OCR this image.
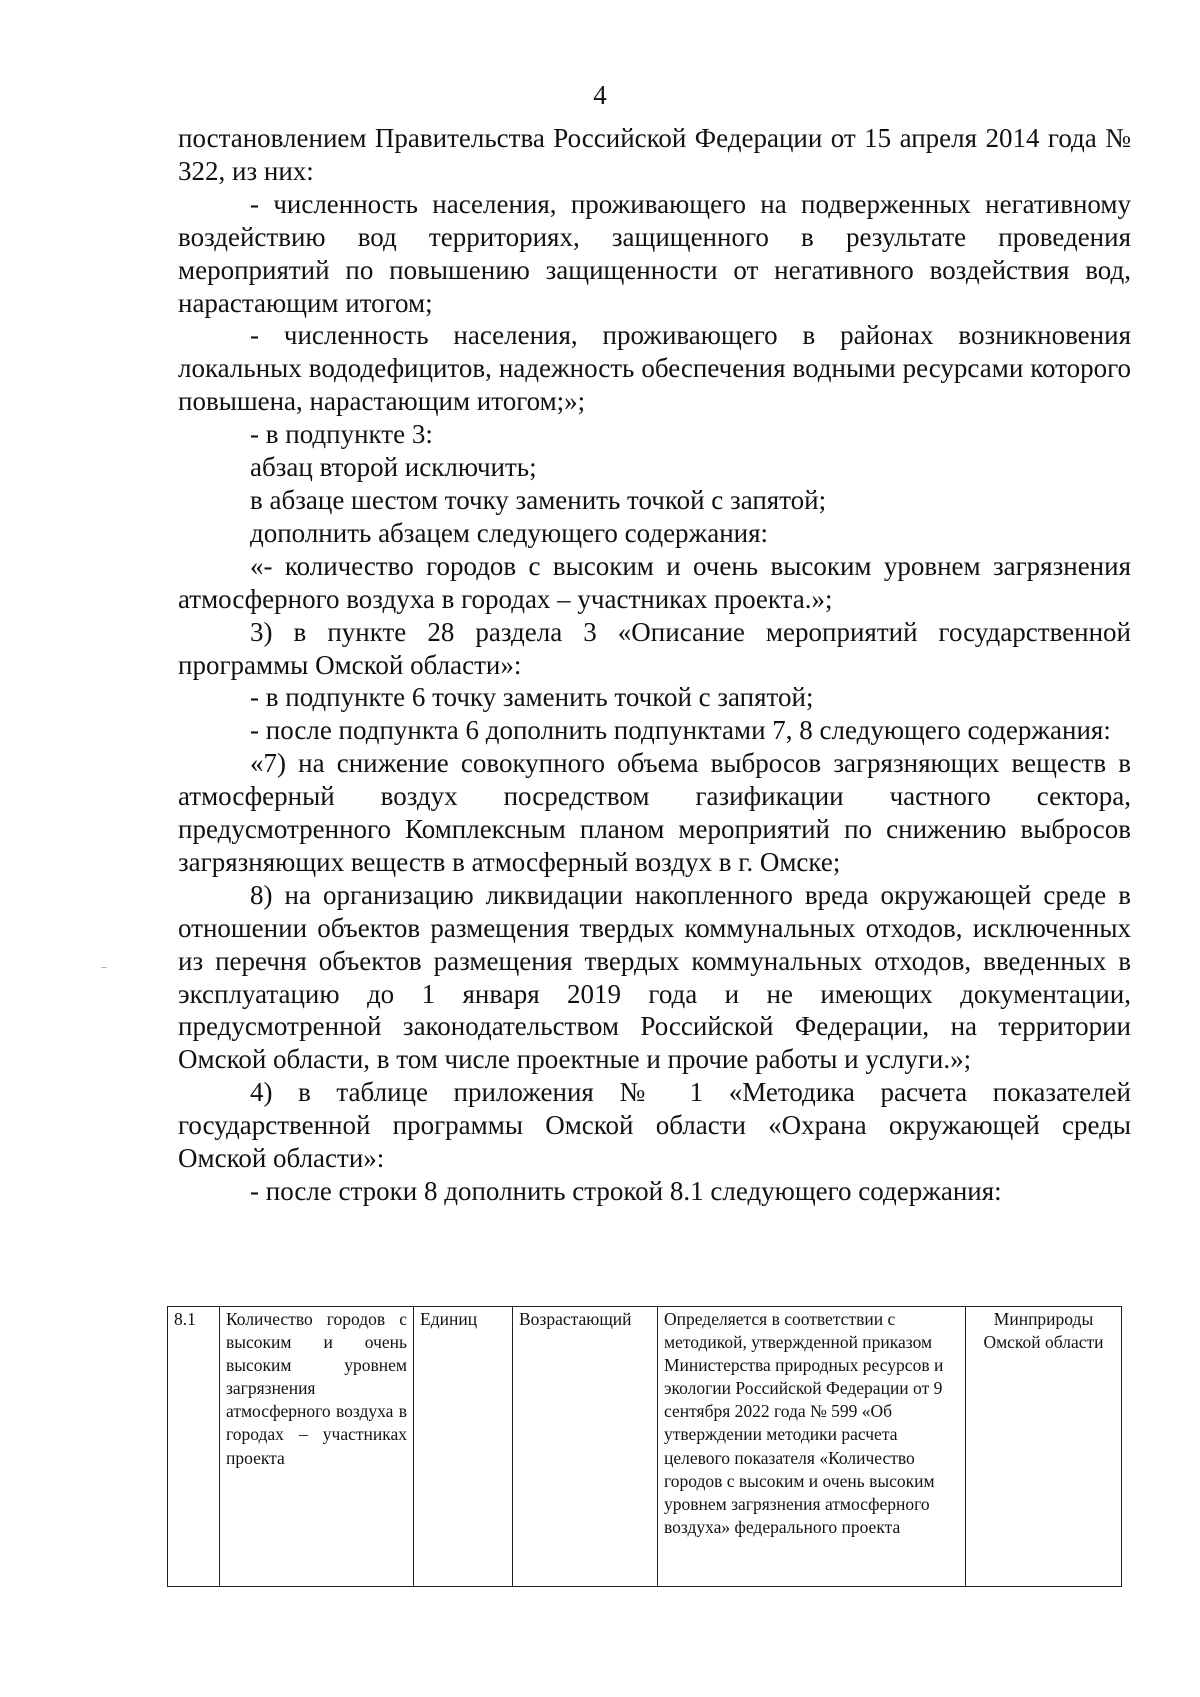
4

постановлением Правительства Российской Федерации от 15 апреля 2014 года № 322, из них:

- численность населения, проживающего на подверженных негативному воздействию вод территориях, защищенного в результате проведения мероприятий по повышению защищенности от негативного воздействия вод, нарастающим итогом;

- численность населения, проживающего в районах возникновения локальных вододефицитов, надежность обеспечения водными ресурсами которого повышена, нарастающим итогом;»;

- в подпункте 3:

абзац второй исключить;

в абзаце шестом точку заменить точкой с запятой;

дополнить абзацем следующего содержания:

«- количество городов с высоким и очень высоким уровнем загрязнения атмосферного воздуха в городах – участниках проекта.»;

3) в пункте 28 раздела 3 «Описание мероприятий государственной программы Омской области»:

- в подпункте 6 точку заменить точкой с запятой;

- после подпункта 6 дополнить подпунктами 7, 8 следующего содержания:

«7) на снижение совокупного объема выбросов загрязняющих веществ в атмосферный воздух посредством газификации частного сектора, предусмотренного Комплексным планом мероприятий по снижению выбросов загрязняющих веществ в атмосферный воздух в г. Омске;

8) на организацию ликвидации накопленного вреда окружающей среде в отношении объектов размещения твердых коммунальных отходов, исключенных из перечня объектов размещения твердых коммунальных отходов, введенных в эксплуатацию до 1 января 2019 года и не имеющих документации, предусмотренной законодательством Российской Федерации, на территории Омской области, в том числе проектные и прочие работы и услуги.»;

4) в таблице приложения № 1 «Методика расчета показателей государственной программы Омской области «Охрана окружающей среды Омской области»:

- после строки 8 дополнить строкой 8.1 следующего содержания:

8.1	Количество городов с высоким и очень высоким уровнем загрязнения атмосферного воздуха в городах – участниках проекта	Единиц	Возрастающий	Определяется в соответствии с методикой, утвержденной приказом Министерства природных ресурсов и экологии Российской Федерации от 9 сентября 2022 года № 599 «Об утверждении методики расчета целевого показателя «Количество городов с высоким и очень высоким уровнем загрязнения атмосферного воздуха» федерального проекта	Минприроды Омской области
